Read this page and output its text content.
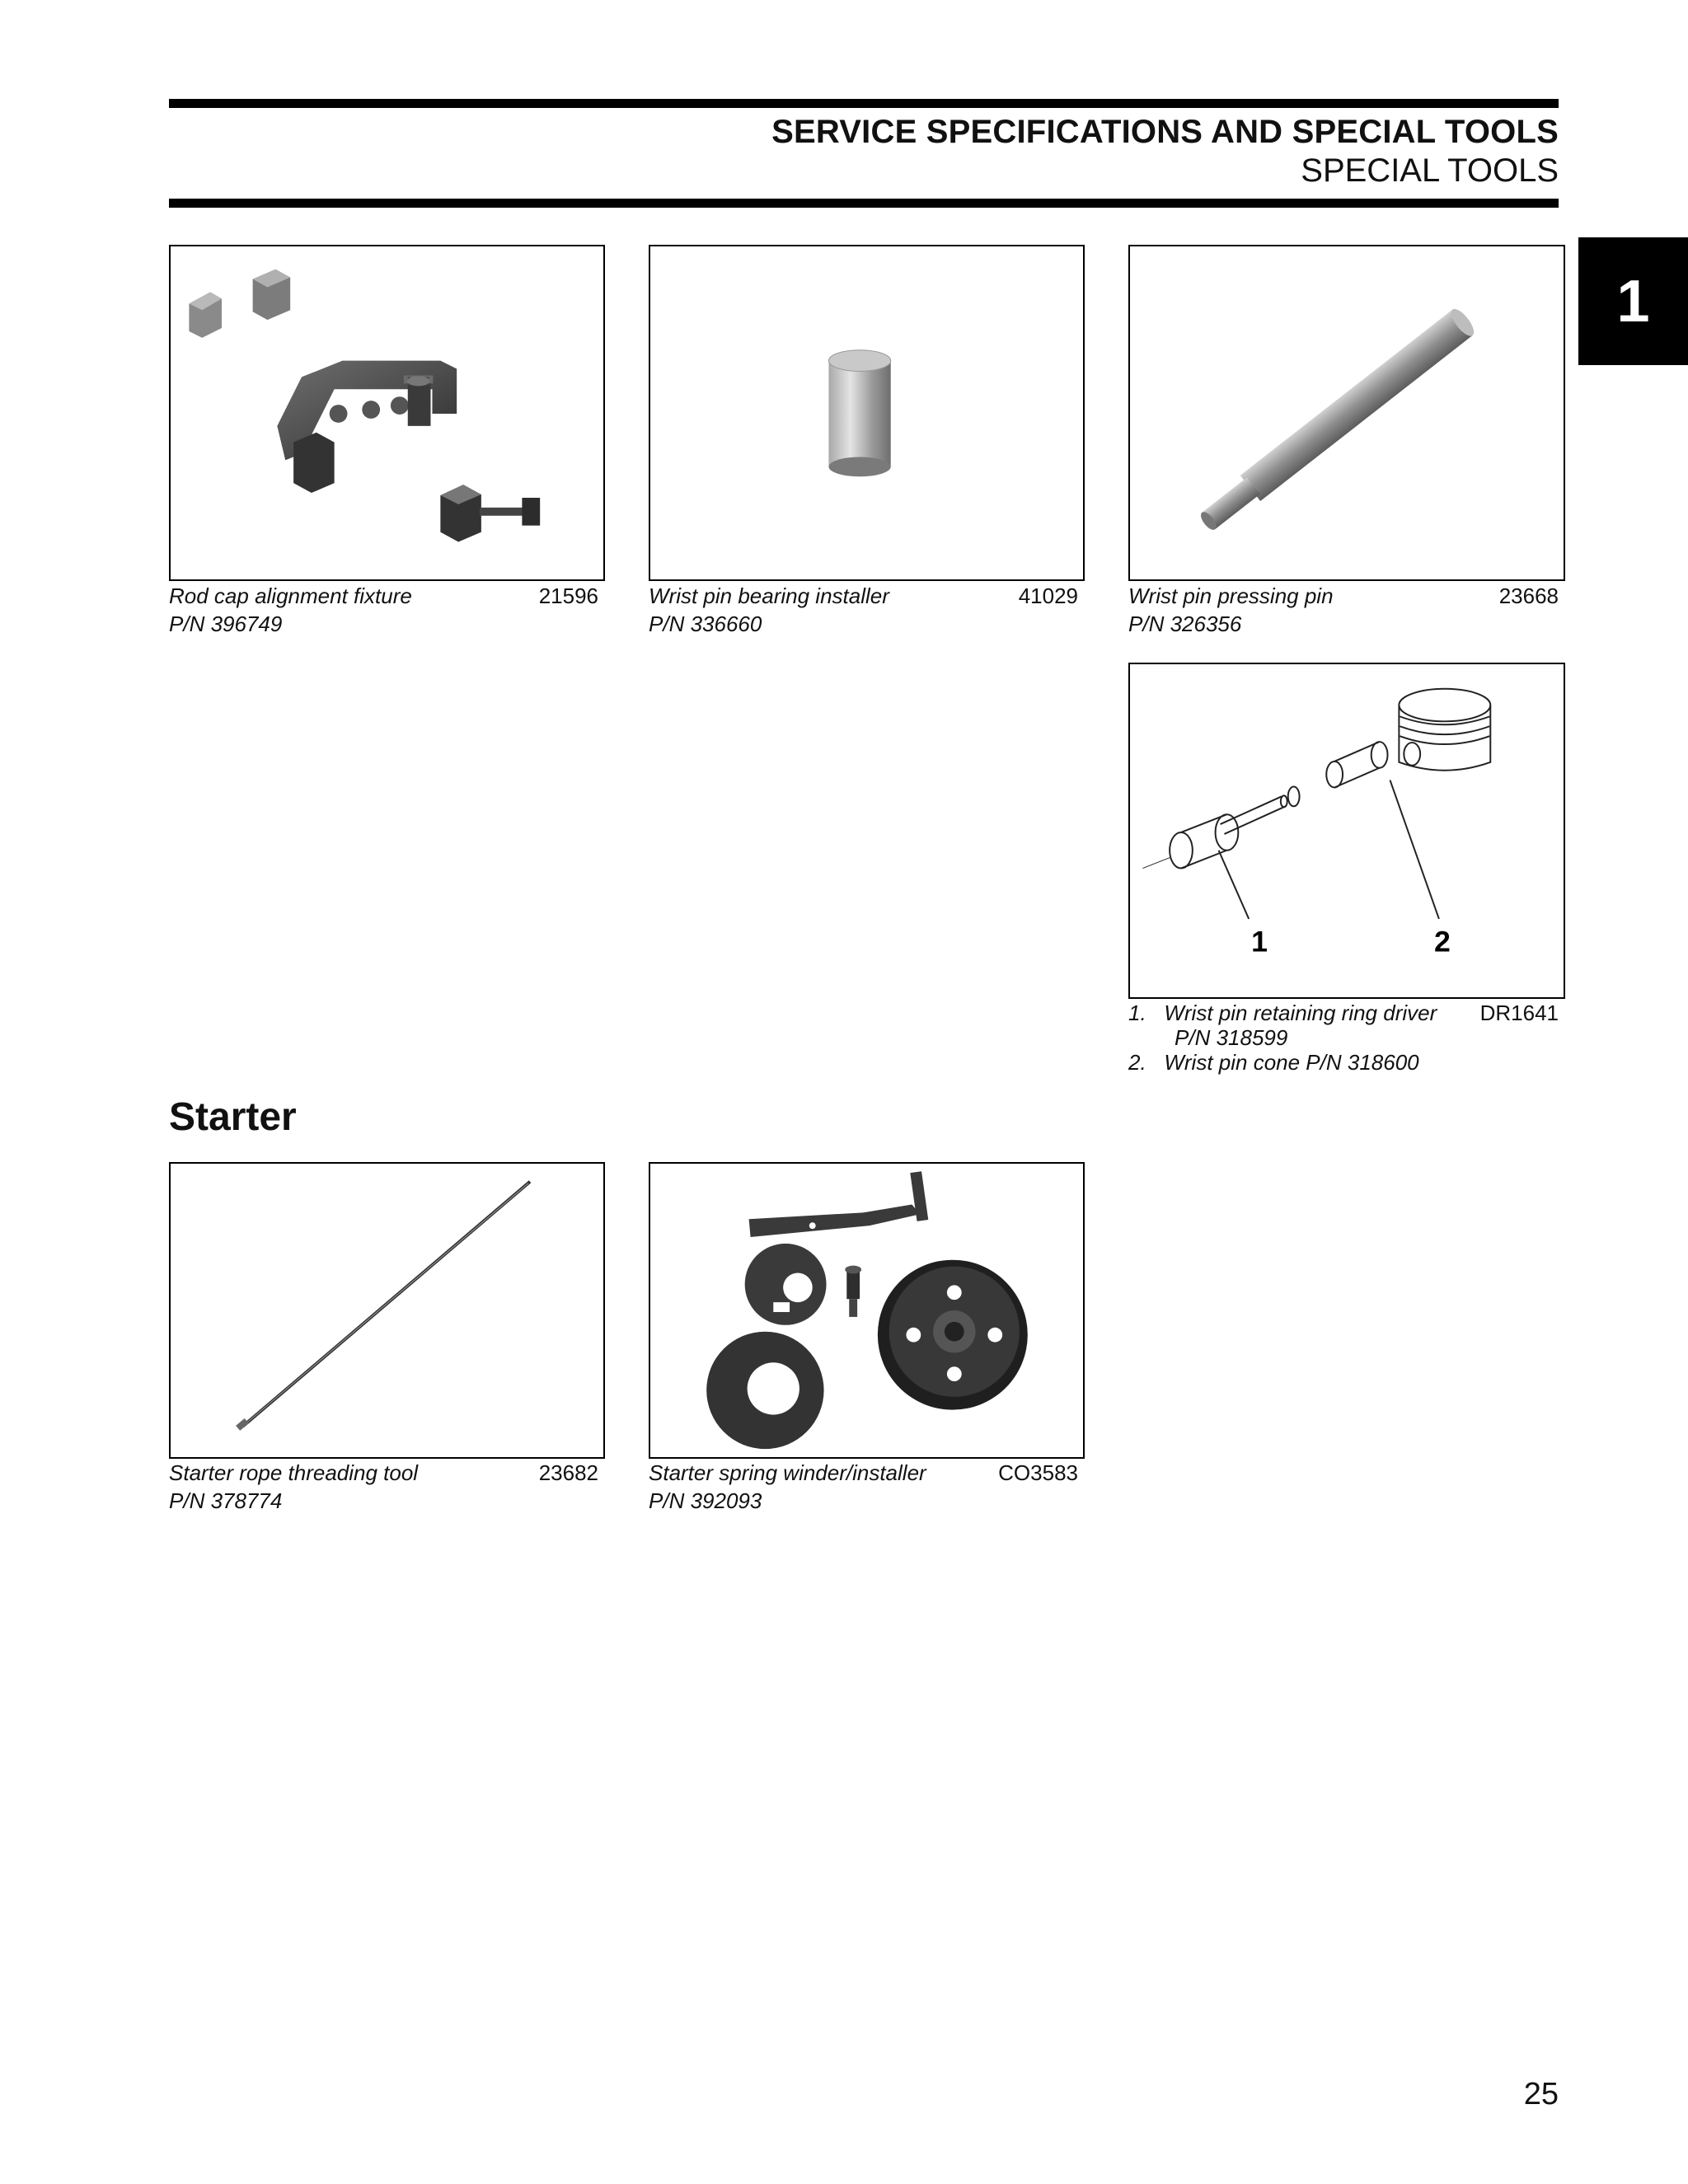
SERVICE SPECIFICATIONS AND SPECIAL TOOLS
SPECIAL TOOLS
1
Rod cap alignment fixture	21596
P/N 396749
Wrist pin bearing installer	41029
P/N 336660
Wrist pin pressing pin	23668
P/N 326356
1	2
1. Wrist pin retaining ring driver DR1641
P/N 318599
2. Wrist pin cone P/N 318600
Starter
Starter rope threading tool	23682
P/N 378774
Starter spring winder/installer	CO3583
P/N 392093
25
